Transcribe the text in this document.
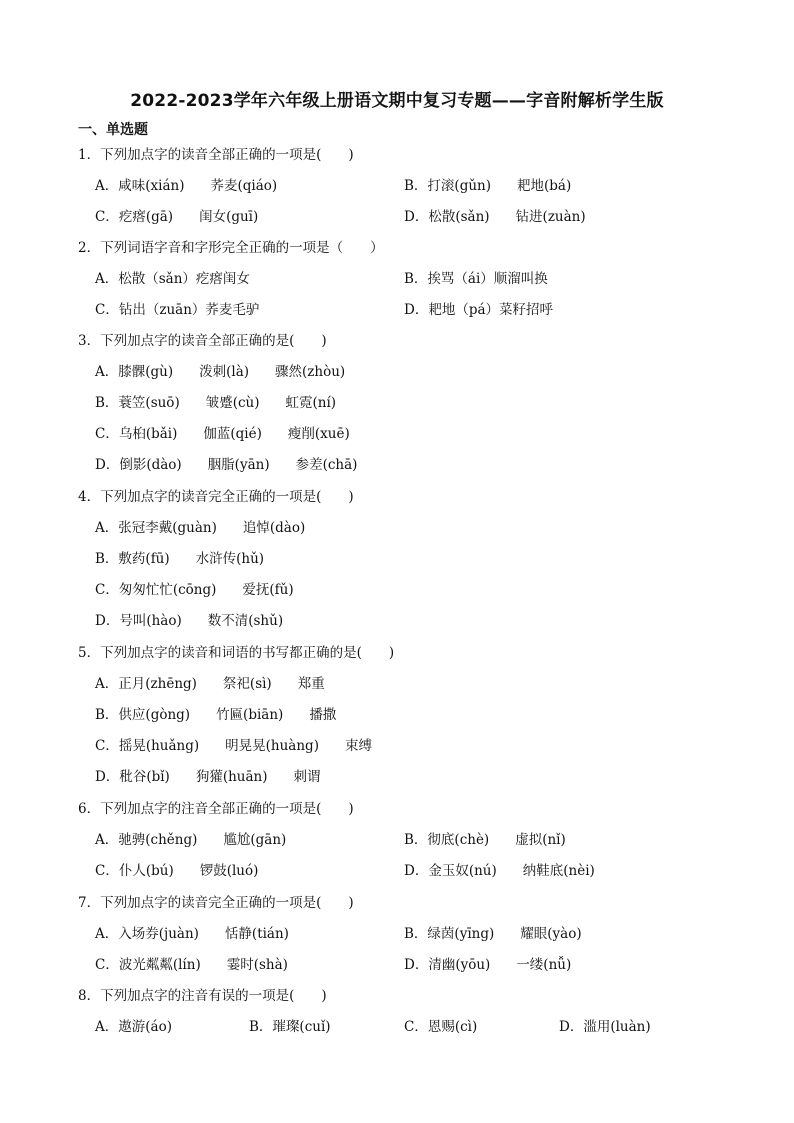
2022-2023学年六年级上册语文期中复习专题——字音附解析学生版
一、单选题
1．下列加点字的读音全部正确的一项是(　　)
A．咸味(xián) 荞麦(qiáo)	B．打滚(gǔn) 耙地(bá)
C．疙瘩(gā) 闺女(guī)	D．松散(sǎn) 钻进(zuàn)
2．下列词语字音和字形完全正确的一项是（　　）
A．松散（sǎn）疙瘩闺女	B．挨骂（ái）顺溜叫换
C．钻出（zuān）荞麦毛驴	D．耙地（pá）菜籽招呼
3．下列加点字的读音全部正确的是(　　)
A．膝髁(gù) 泼刺(là) 骤然(zhòu)
B．蓑笠(suō) 皱蹙(cù) 虹霓(ní)
C．乌桕(bǎi) 伽蓝(qié) 瘦削(xuē)
D．倒影(dào) 胭脂(yān) 参差(chā)
4．下列加点字的读音完全正确的一项是(　　)
A．张冠李戴(guàn) 追悼(dào)
B．敷药(fū) 水浒传(hǔ)
C．匆匆忙忙(cōng) 爱抚(fǔ)
D．号叫(hào) 数不清(shǔ)
5．下列加点字的读音和词语的书写都正确的是(　　)
A．正月(zhēng) 祭祀(sì) 郑重
B．供应(gòng) 竹匾(biān) 播撒
C．摇晃(huǎng) 明晃晃(huàng) 束缚
D．秕谷(bǐ) 狗獾(huān) 刺谓
6．下列加点字的注音全部正确的一项是(　　)
A．驰骋(chěng) 尴尬(gān)	B．彻底(chè) 虚拟(nǐ)
C．仆人(bú) 锣鼓(luó)	D．金玉奴(nú) 纳鞋底(nèi)
7．下列加点字的读音完全正确的一项是(　　)
A．入场券(juàn) 恬静(tián)	B．绿茵(yīng) 耀眼(yào)
C．波光粼粼(lín) 霎时(shà)	D．清幽(yōu) 一缕(nǚ)
8．下列加点字的注音有误的一项是(　　)
A．遨游(áo)	B．璀璨(cuǐ)	C．恩赐(cì)	D．滥用(luàn)
